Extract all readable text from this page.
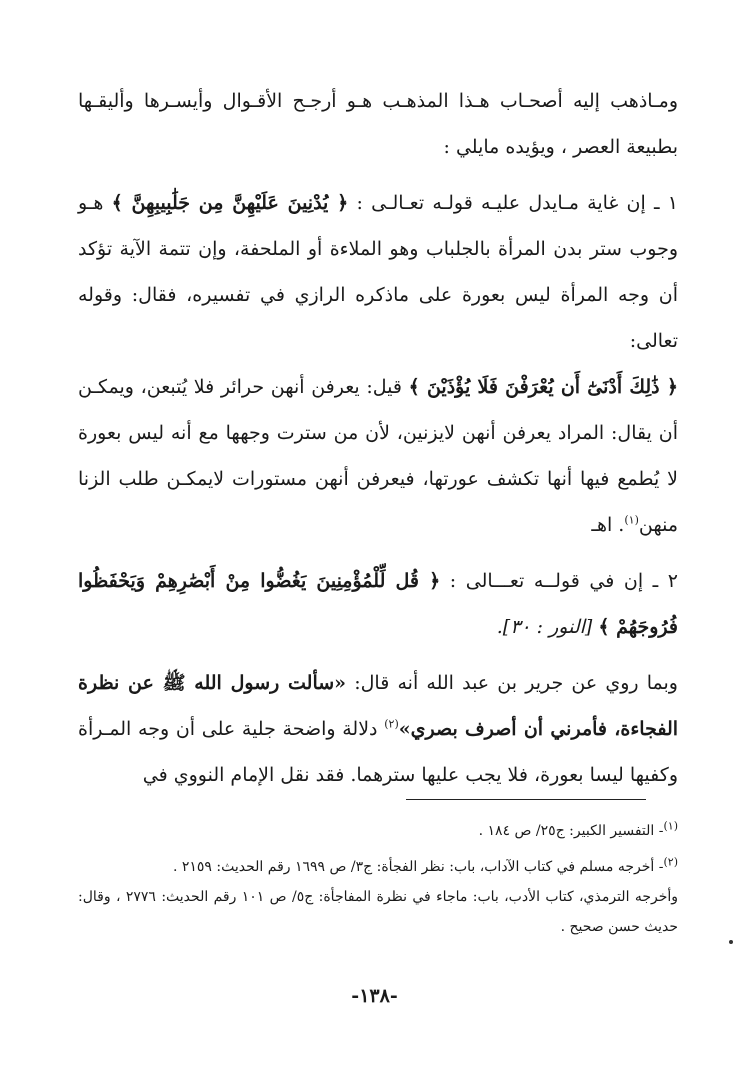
ومـاذهب إليه أصحـاب هـذا المذهـب هـو أرجـح الأقـوال وأيسـرها وأليقـها بطبيعة العصر ، ويؤيده مايلي :

١ ـ إن غاية مـايدل عليـه قولـه تعـالـى : ﴿ يُدْنِينَ عَلَيْهِنَّ مِن جَلَٰبِيبِهِنَّ ﴾ هـو وجوب ستر بدن المرأة بالجلباب وهو الملاءة أو الملحفة، وإن تتمة الآية تؤكد أن وجه المرأة ليس بعورة على ماذكره الرازي في تفسيره، فقال: وقوله تعالى:

﴿ ذَٰلِكَ أَدْنَىٰٓ أَن يُعْرَفْنَ فَلَا يُؤْذَيْنَ ﴾ قيل: يعرفن أنهن حرائر فلا يُتبعن، ويمكـن أن يقال: المراد يعرفن أنهن لايزنين، لأن من سترت وجهها مع أنه ليس بعورة لا يُطمع فيها أنها تكشف عورتها، فيعرفن أنهن مستورات لايمكـن طلب الزنا منهن$^{(١)}$. اهـ

٢ ـ إن في قولــه تعـــالى : ﴿ قُل لِّلْمُؤْمِنِينَ يَغُضُّوا مِنْ أَبْصَٰرِهِمْ وَيَحْفَظُوا فُرُوجَهُمْ ﴾ [النور : ٣٠].

وبما روي عن جرير بن عبد الله أنه قال: «سألت رسول الله ﷺ عن نظرة الفجاءة، فأمرني أن أصرف بصري»$^{(٢)}$ دلالة واضحة جلية على أن وجه المـرأة وكفيها ليسا بعورة، فلا يجب عليها سترهما. فقد نقل الإمام النووي في

$^{(١)}$- التفسير الكبير: ج٢٥/ ص ١٨٤ .

$^{(٢)}$- أخرجه مسلم في كتاب الآداب، باب: نظر الفجأة: ج٣/ ص ١٦٩٩ رقم الحديث: ٢١٥٩ .

وأخرجه الترمذي، كتاب الأدب، باب: ماجاء في نظرة المفاجأة: ج٥/ ص ١٠١ رقم الحديث: ٢٧٧٦ ، وقال: حديث حسن صحيح .

-١٣٨-
